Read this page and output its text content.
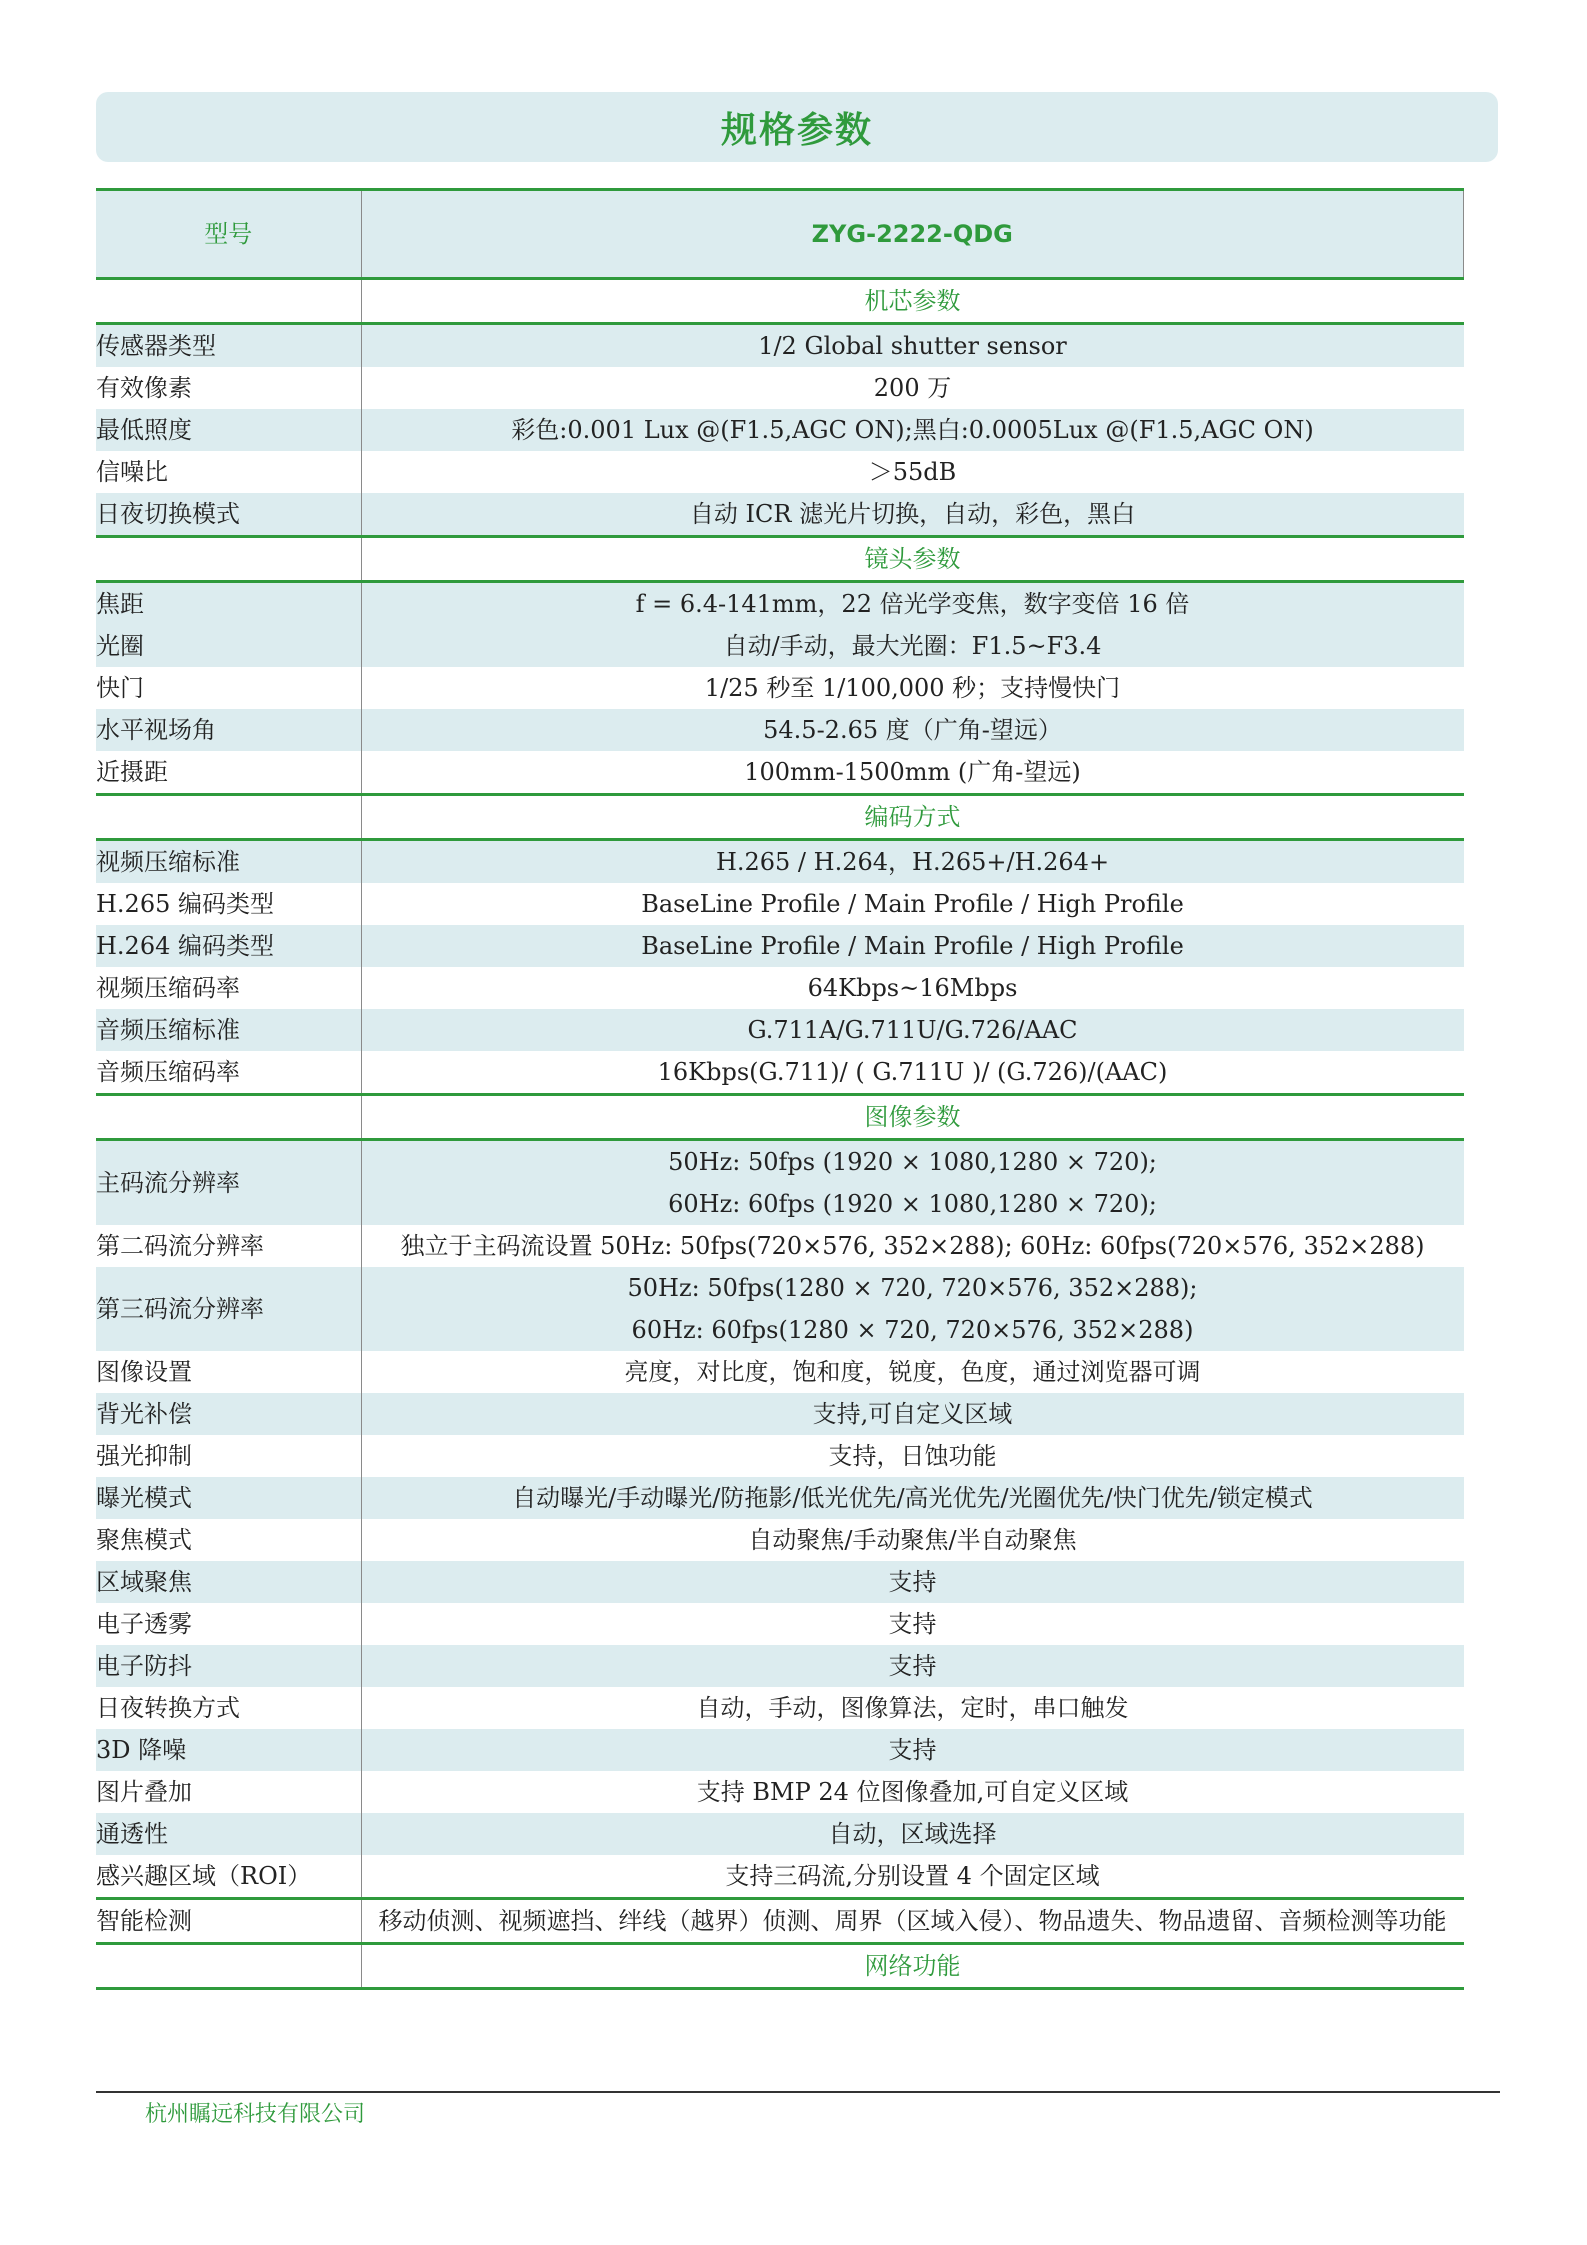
规格参数
型号	ZYG-2222-QDG
	机芯参数
传感器类型	1/2 Global shutter sensor

有效像素	200 万

最低照度	彩色:0.001 Lux @(F1.5,AGC ON);黑白:0.0005Lux @(F1.5,AGC ON)

信噪比	＞55dB

日夜切换模式	自动 ICR 滤光片切换，自动，彩色，黑白

	镜头参数
焦距	f = 6.4-141mm，22 倍光学变焦，数字变倍 16 倍

光圈	自动/手动，最大光圈：F1.5~F3.4

快门	1/25 秒至 1/100,000 秒；支持慢快门

水平视场角	54.5-2.65 度（广角-望远）

近摄距	100mm-1500mm (广角-望远)

	编码方式
视频压缩标准	H.265 / H.264，H.265+/H.264+

H.265 编码类型	BaseLine Profile / Main Profile / High Profile

H.264 编码类型	BaseLine Profile / Main Profile / High Profile

视频压缩码率	64Kbps~16Mbps

音频压缩标准	G.711A/G.711U/G.726/AAC

音频压缩码率	16Kbps(G.711)/ ( G.711U )/ (G.726)/(AAC)

	图像参数
主码流分辨率	50Hz: 50fps (1920 × 1080,1280 × 720);
60Hz: 60fps (1920 × 1080,1280 × 720);

第二码流分辨率	独立于主码流设置 50Hz: 50fps(720×576, 352×288); 60Hz: 60fps(720×576, 352×288)

第三码流分辨率	50Hz: 50fps(1280 × 720, 720×576, 352×288);
60Hz: 60fps(1280 × 720, 720×576, 352×288)

图像设置	亮度，对比度，饱和度，锐度，色度，通过浏览器可调

背光补偿	支持,可自定义区域

强光抑制	支持，日蚀功能

曝光模式	自动曝光/手动曝光/防拖影/低光优先/高光优先/光圈优先/快门优先/锁定模式

聚焦模式	自动聚焦/手动聚焦/半自动聚焦

区域聚焦	支持

电子透雾	支持

电子防抖	支持

日夜转换方式	自动，手动，图像算法，定时，串口触发

3D 降噪	支持

图片叠加	支持 BMP 24 位图像叠加,可自定义区域

通透性	自动，区域选择

感兴趣区域（ROI）	支持三码流,分别设置 4 个固定区域

智能检测	移动侦测、视频遮挡、绊线（越界）侦测、周界（区域入侵）、物品遗失、物品遗留、音频检测等功能

	网络功能
杭州瞩远科技有限公司
